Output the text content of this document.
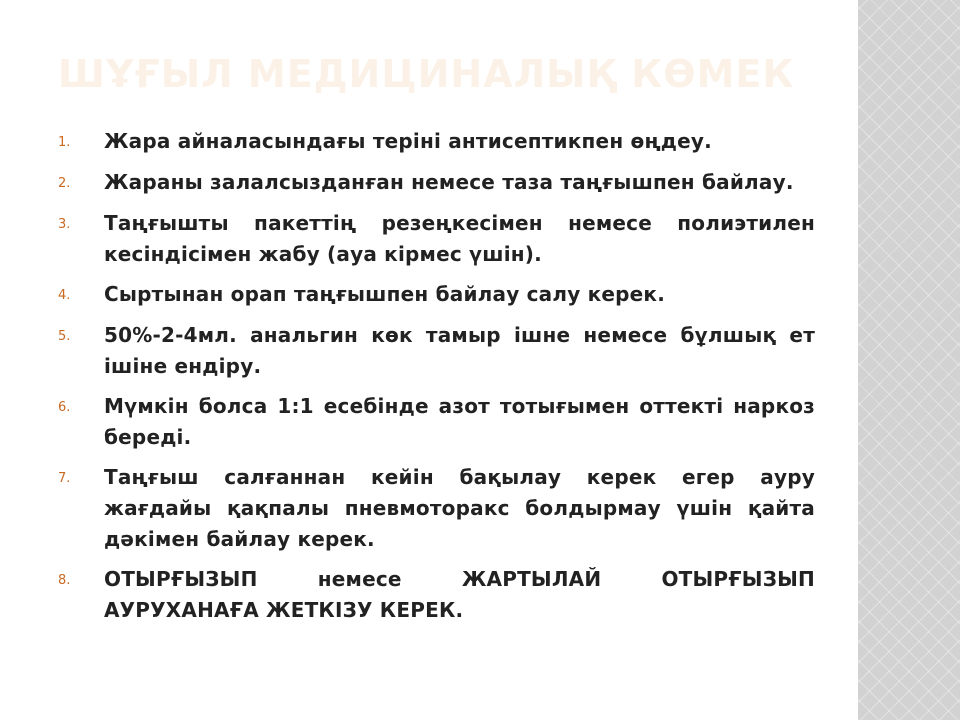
ШҰҒЫЛ МЕДИЦИНАЛЫҚ КӨМЕК
1.	Жара айналасындағы теріні антисептикпен өңдеу.
2.	Жараны залалсызданған немесе таза таңғышпен байлау.
3.	Таңғышты пакеттің резеңкесімен немесе полиэтилен кесіндісімен жабу (ауа кірмес үшін).
4.	Сыртынан орап таңғышпен байлау салу керек.
5.	50%-2-4мл. анальгин көк тамыр ішне немесе бұлшық ет ішіне ендіру.
6.	Мүмкін болса 1:1 есебінде азот тотығымен оттекті наркоз береді.
7.	Таңғыш салғаннан кейін бақылау керек егер ауру жағдайы қақпалы пневмоторакс болдырмау үшін қайта дәкімен байлау керек.
8.	ОТЫРҒЫЗЫП немесе ЖАРТЫЛАЙ ОТЫРҒЫЗЫП АУРУХАНАҒА ЖЕТКІЗУ КЕРЕК.
